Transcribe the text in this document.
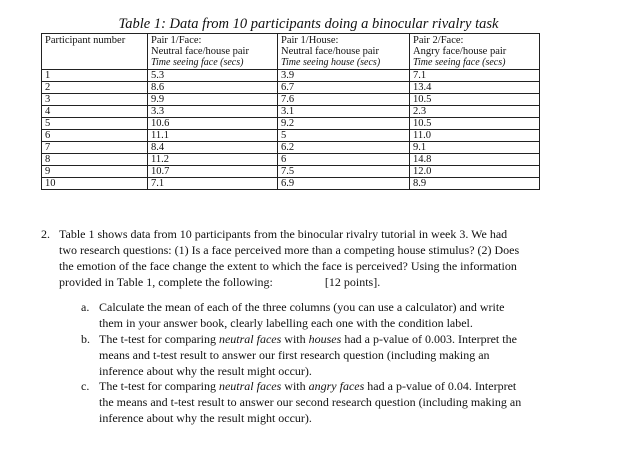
Table 1: Data from 10 participants doing a binocular rivalry task
Participant number	Pair 1/Face:
Neutral face/house pair
Time seeing face (secs)	Pair 1/House:
Neutral face/house pair
Time seeing house (secs)	Pair 2/Face:
Angry face/house pair
Time seeing face (secs)

1	5.3	3.9	7.1
2	8.6	6.7	13.4
3	9.9	7.6	10.5
4	3.3	3.1	2.3
5	10.6	9.2	10.5
6	11.1	5	11.0
7	8.4	6.2	9.1
8	11.2	6	14.8
9	10.7	7.5	12.0
10	7.1	6.9	8.9
2. Table 1 shows data from 10 participants from the binocular rivalry tutorial in week 3. We had
two research questions: (1) Is a face perceived more than a competing house stimulus? (2) Does
the emotion of the face change the extent to which the face is perceived? Using the information
provided in Table 1, complete the following:	[12 points].
a. Calculate the mean of each of the three columns (you can use a calculator) and write
them in your answer book, clearly labelling each one with the condition label.
b. The t-test for comparing neutral faces with houses had a p-value of 0.003. Interpret the
means and t-test result to answer our first research question (including making an
inference about why the result might occur).
c. The t-test for comparing neutral faces with angry faces had a p-value of 0.04. Interpret
the means and t-test result to answer our second research question (including making an
inference about why the result might occur).
